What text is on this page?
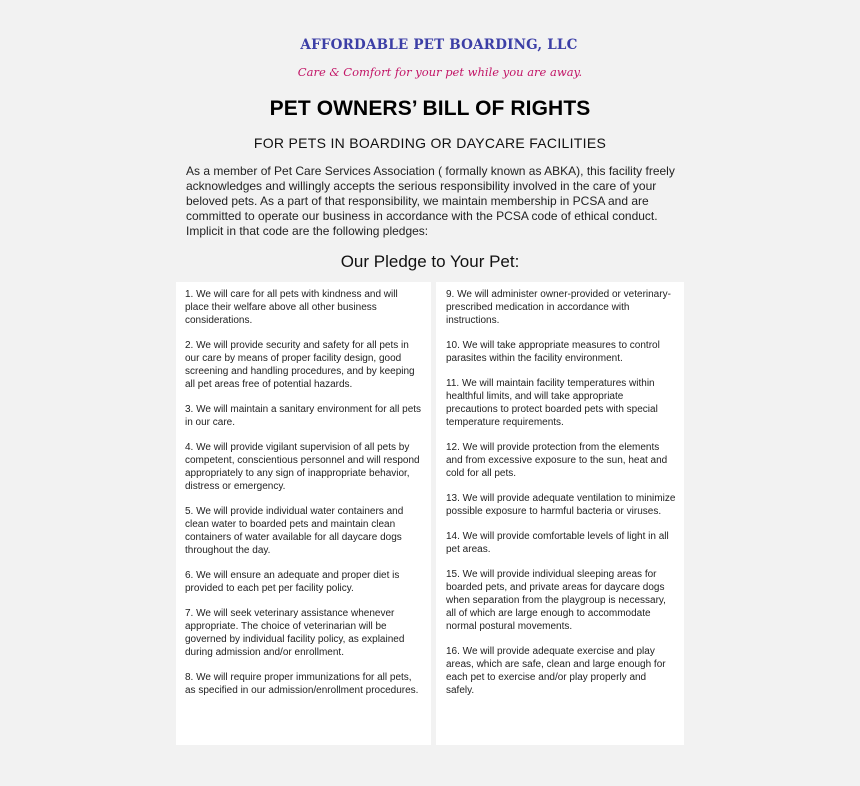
AFFORDABLE PET BOARDING, LLC
Care & Comfort for your pet while you are away.
PET OWNERS’ BILL OF RIGHTS
FOR PETS IN BOARDING OR DAYCARE FACILITIES

As a member of Pet Care Services Association ( formally known as ABKA), this facility freely acknowledges and willingly accepts the serious responsibility involved in the care of your beloved pets. As a part of that responsibility, we maintain membership in PCSA and are committed to operate our business in accordance with the PCSA code of ethical conduct. Implicit in that code are the following pledges:

Our Pledge to Your Pet:

1. We will care for all pets with kindness and will place their welfare above all other business considerations.

2. We will provide security and safety for all pets in our care by means of proper facility design, good screening and handling procedures, and by keeping all pet areas free of potential hazards.

3. We will maintain a sanitary environment for all pets in our care.

4. We will provide vigilant supervision of all pets by competent, conscientious personnel and will respond appropriately to any sign of inappropriate behavior, distress or emergency.

5. We will provide individual water containers and clean water to boarded pets and maintain clean containers of water available for all daycare dogs throughout the day.

6. We will ensure an adequate and proper diet is provided to each pet per facility policy.

7. We will seek veterinary assistance whenever appropriate. The choice of veterinarian will be governed by individual facility policy, as explained during admission and/or enrollment.

8. We will require proper immunizations for all pets, as specified in our admission/enrollment procedures.

9. We will administer owner-provided or veterinary-prescribed medication in accordance with instructions.

10. We will take appropriate measures to control parasites within the facility environment.

11. We will maintain facility temperatures within healthful limits, and will take appropriate precautions to protect boarded pets with special temperature requirements.

12. We will provide protection from the elements and from excessive exposure to the sun, heat and cold for all pets.

13. We will provide adequate ventilation to minimize possible exposure to harmful bacteria or viruses.

14. We will provide comfortable levels of light in all pet areas.

15. We will provide individual sleeping areas for boarded pets, and private areas for daycare dogs when separation from the playgroup is necessary, all of which are large enough to accommodate normal postural movements.

16. We will provide adequate exercise and play areas, which are safe, clean and large enough for each pet to exercise and/or play properly and safely.
